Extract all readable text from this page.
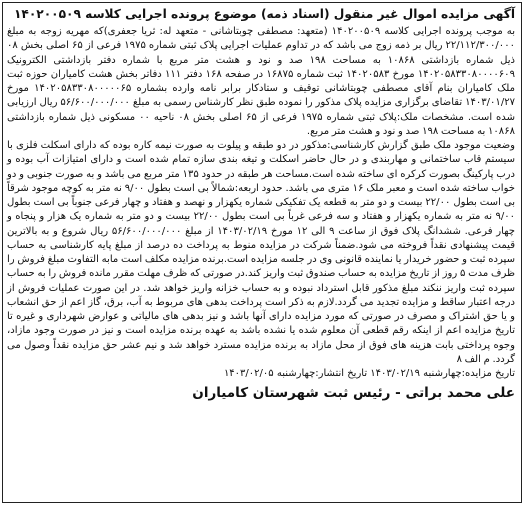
آگهی مزایده اموال غیر منقول (اسناد ذمه) موضوع پرونده اجرایی کلاسه ۱۴۰۲۰۰۵۰۹

به موجب پرونده اجرایی کلاسه ۱۴۰۲۰۰۵۰۹ (متعهد: مصطفی چوبتاشانی - متعهد له: ثریا جعفری)که مهریه زوجه به مبلغ ۲۲/۱۱۲/۳۰۰/۰۰۰ ریال بر ذمه زوج می باشد که در تداوم عملیات اجرایی پلاک ثبتی شماره ۱۹۷۵ فرعی از ۶۵ اصلی بخش ۰۸ ذیل شماره بازداشتی ۱۰۸۶۸ به مساحت ۱۹۸ صد و نود و هشت متر مربع با شماره دفتر بازداشتی الکترونیک ۱۴۰۲۰۵۸۳۳۰۸۰۰۰۰۶۰۹ مورخ ۱۴۰۲۰۵۸۳ ثبت شماره ۱۶۸۷۵ در صفحه ۱۶۸ دفتر ۱۱۱ دفاتر بخش هشت کامیاران حوزه ثبت ملک کامیاران بنام آقای مصطفی چوبتاشانی توقیف و ستادکار برابر نامه وارده بشماره ۱۴۰۲۰۵۸۳۳۰۸۰۰۰۰۰۶۵ مورخ ۱۴۰۳/۰۱/۲۷ تقاضای برگزاری مزایده پلاک مذکور را نموده طبق نظر کارشناس رسمی به مبلغ ۵۶/۶۰۰/۰۰۰/۰۰۰ ریال ارزیابی شده است. مشخصات ملک:پلاک ثبتی شماره ۱۹۷۵ فرعی از ۶۵ اصلی بخش ۰۸ ناحیه ۰۰ مسکونی ذیل شماره بازداشتی ۱۰۸۶۸ به مساحت ۱۹۸ صد و نود و هشت متر مربع.

وضعیت موجود ملک طبق گزارش کارشناسی:مذکور در دو طبقه و پیلوت به صورت نیمه کاره بوده که دارای اسکلت فلزی با سیستم قاب ساختمانی و مهاربندی و در حال حاضر اسکلت و تیغه بندی سازه تمام شده است و دارای امتیازات آب بوده و درب پارکینگ بصورت کرکره ای ساخته شده است.مساحت هر طبقه در حدود ۱۳۵ متر مربع می باشد و به صورت جنوبی و دو خواب ساخته شده است و معبر ملک ۱۶ متری می باشد. حدود اربعه:شمالاً بی است بطول ۹/۰۰ نه متر به کوچه موجود شرقاً بی است بطول ۲۲/۰۰ بیست و دو متر به قطعه یک تفکیکی شماره یکهزار و نهصد و هفتاد و چهار فرعی جنوباً بی است بطول ۹/۰۰ نه متر به شماره یکهزار و هفتاد و سه فرعی غرباً بی است بطول ۲۲/۰۰ بیست و دو متر به شماره یک هزار و پنجاه و چهار فرعی. ششدانگ پلاک فوق از ساعت ۹ الی ۱۲ مورخ ۱۴۰۳/۰۲/۱۹ از مبلغ ۵۶/۶۰۰/۰۰۰/۰۰۰ ریال شروع و به بالاترین قیمت پیشنهادی نقداً فروخته می شود.ضمناً شرکت در مزایده منوط به پرداخت ده درصد از مبلغ پایه کارشناسی به حساب سپرده ثبت و حضور خریدار یا نماینده قانونی وی در جلسه مزایده است.برنده مزایده مکلف است مابه التفاوت مبلغ فروش را ظرف مدت ۵ روز از تاریخ مزایده به حساب صندوق ثبت واریز کند.در صورتی که ظرف مهلت مقرر مانده فروش را به حساب سپرده ثبت واریز ننکند مبلغ مذکور قابل استرداد نبوده و به حساب خزانه واریز خواهد شد. در این صورت عملیات فروش از درجه اعتبار ساقط و مزایده تجدید می گردد.لازم به ذکر است پرداخت بدهی های مربوط به آب، برق، گاز اعم از حق انشعاب و یا حق اشتراک و مصرف در صورتی که مورد مزایده دارای آنها باشد و نیز بدهی های مالیاتی و عوارض شهرداری و غیره تا تاریخ مزایده اعم از اینکه رقم قطعی آن معلوم شده یا نشده باشد به عهده برنده مزایده است و نیز در صورت وجود مازاد، وجوه پرداختی بابت هزینه های فوق از محل مازاد به برنده مزایده مسترد خواهد شد و نیم عشر حق مزایده نقداً وصول می گردد. م الف ۸

تاریخ مزایده:چهارشنبه ۱۴۰۳/۰۲/۱۹ تاریخ انتشار:چهارشنبه ۱۴۰۳/۰۲/۰۵
علی محمد براتی - رئیس ثبت شهرستان کامیاران
